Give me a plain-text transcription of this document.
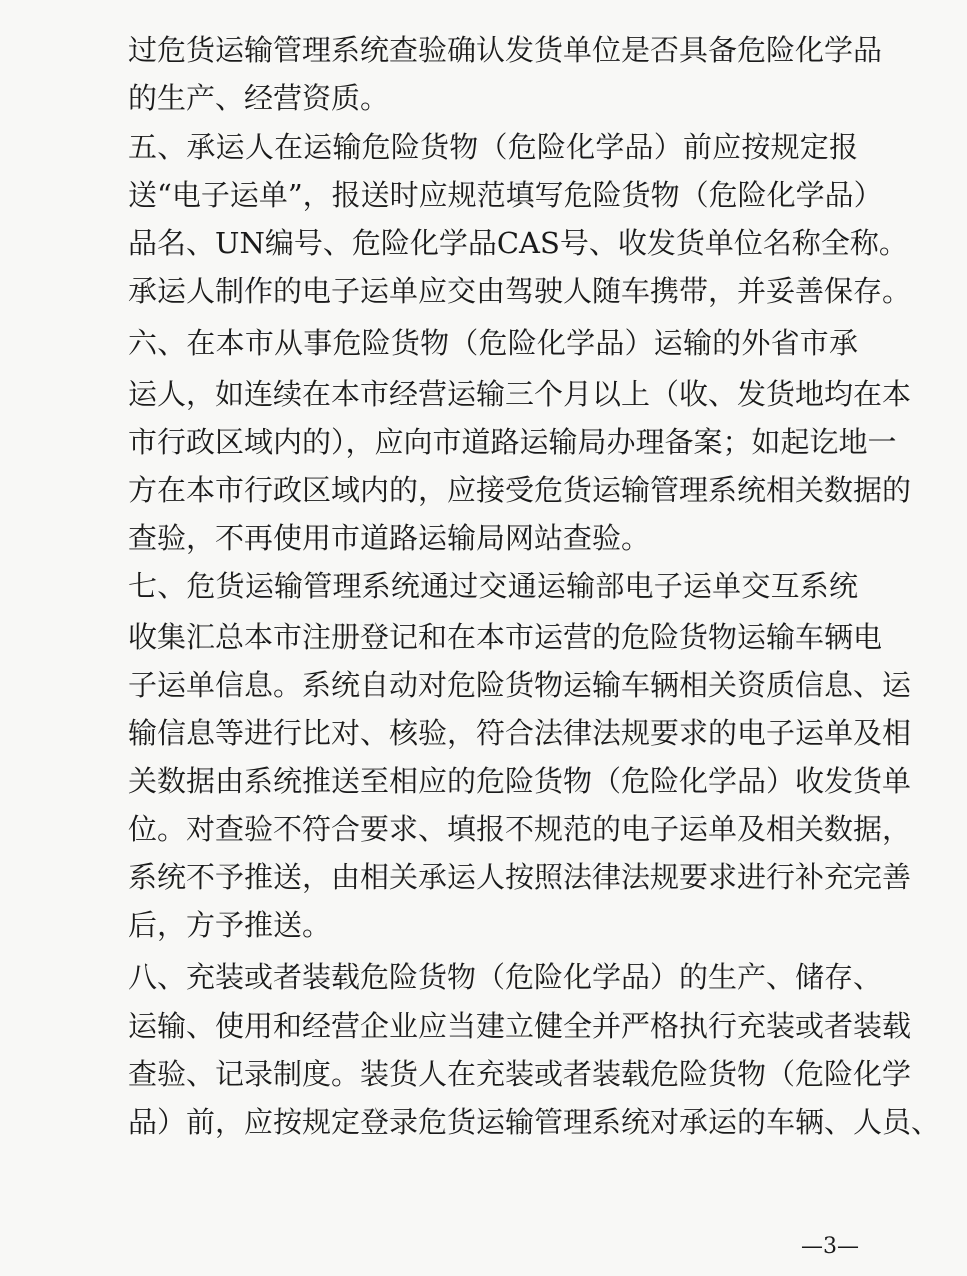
过危货运输管理系统查验确认发货单位是否具备危险化学品
的生产、经营资质。
五、承运人在运输危险货物（危险化学品）前应按规定报
送“电子运单”，报送时应规范填写危险货物（危险化学品）
品名、UN编号、危险化学品CAS号、收发货单位名称全称。
承运人制作的电子运单应交由驾驶人随车携带，并妥善保存。
六、在本市从事危险货物（危险化学品）运输的外省市承
运人，如连续在本市经营运输三个月以上（收、发货地均在本
市行政区域内的），应向市道路运输局办理备案；如起讫地一
方在本市行政区域内的，应接受危货运输管理系统相关数据的
查验，不再使用市道路运输局网站查验。
七、危货运输管理系统通过交通运输部电子运单交互系统
收集汇总本市注册登记和在本市运营的危险货物运输车辆电
子运单信息。系统自动对危险货物运输车辆相关资质信息、运
输信息等进行比对、核验，符合法律法规要求的电子运单及相
关数据由系统推送至相应的危险货物（危险化学品）收发货单
位。对查验不符合要求、填报不规范的电子运单及相关数据，
系统不予推送，由相关承运人按照法律法规要求进行补充完善
后，方予推送。
八、充装或者装载危险货物（危险化学品）的生产、储存、
运输、使用和经营企业应当建立健全并严格执行充装或者装载
查验、记录制度。装货人在充装或者装载危险货物（危险化学
品）前，应按规定登录危货运输管理系统对承运的车辆、人员、
—3—
